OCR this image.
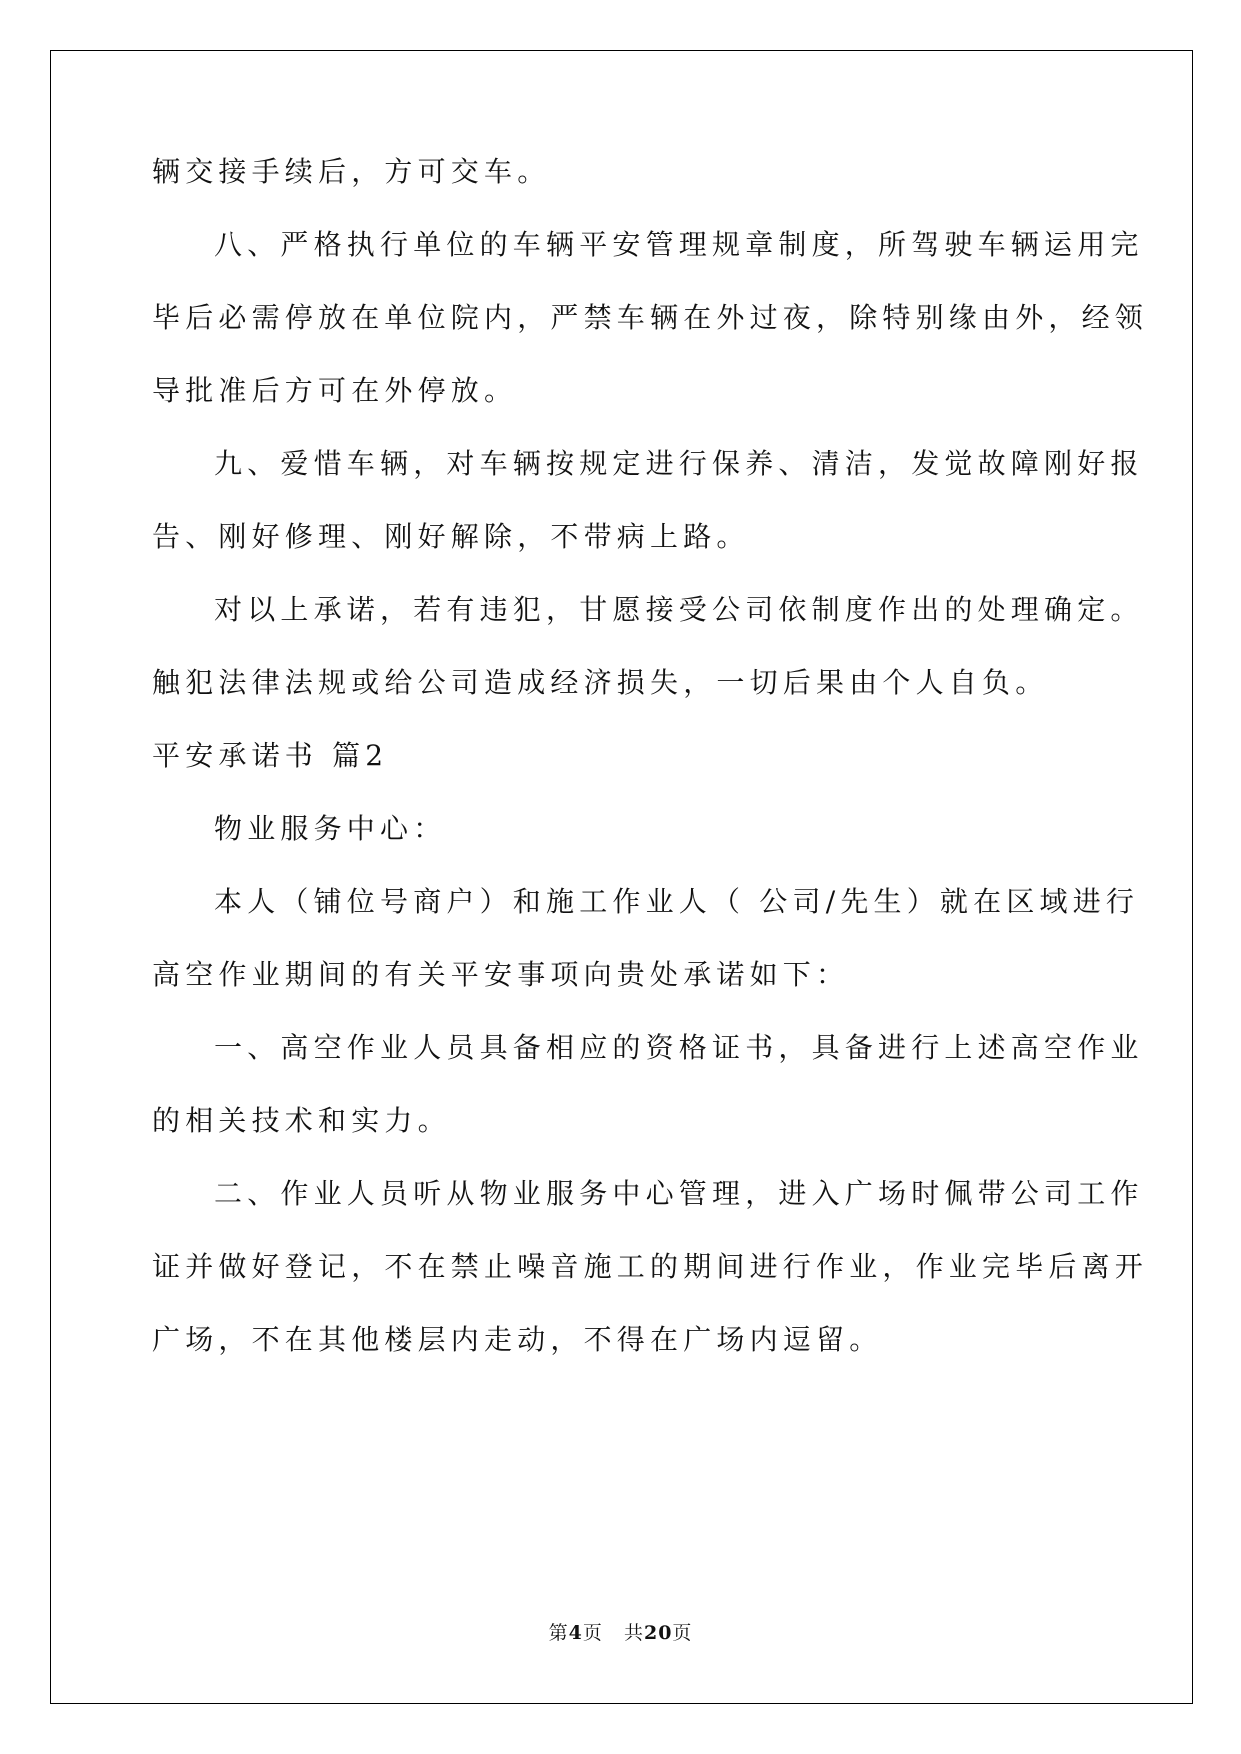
辆交接手续后，方可交车。
八、严格执行单位的车辆平安管理规章制度，所驾驶车辆运用完
毕后必需停放在单位院内，严禁车辆在外过夜，除特别缘由外，经领
导批准后方可在外停放。
九、爱惜车辆，对车辆按规定进行保养、清洁，发觉故障刚好报
告、刚好修理、刚好解除，不带病上路。
对以上承诺，若有违犯，甘愿接受公司依制度作出的处理确定。
触犯法律法规或给公司造成经济损失，一切后果由个人自负。
平安承诺书 篇2
物业服务中心：
本人（铺位号商户）和施工作业人（ 公司/先生）就在区域进行
高空作业期间的有关平安事项向贵处承诺如下：
一、高空作业人员具备相应的资格证书，具备进行上述高空作业
的相关技术和实力。
二、作业人员听从物业服务中心管理，进入广场时佩带公司工作
证并做好登记，不在禁止噪音施工的期间进行作业，作业完毕后离开
广场，不在其他楼层内走动，不得在广场内逗留。
第4页 共20页
